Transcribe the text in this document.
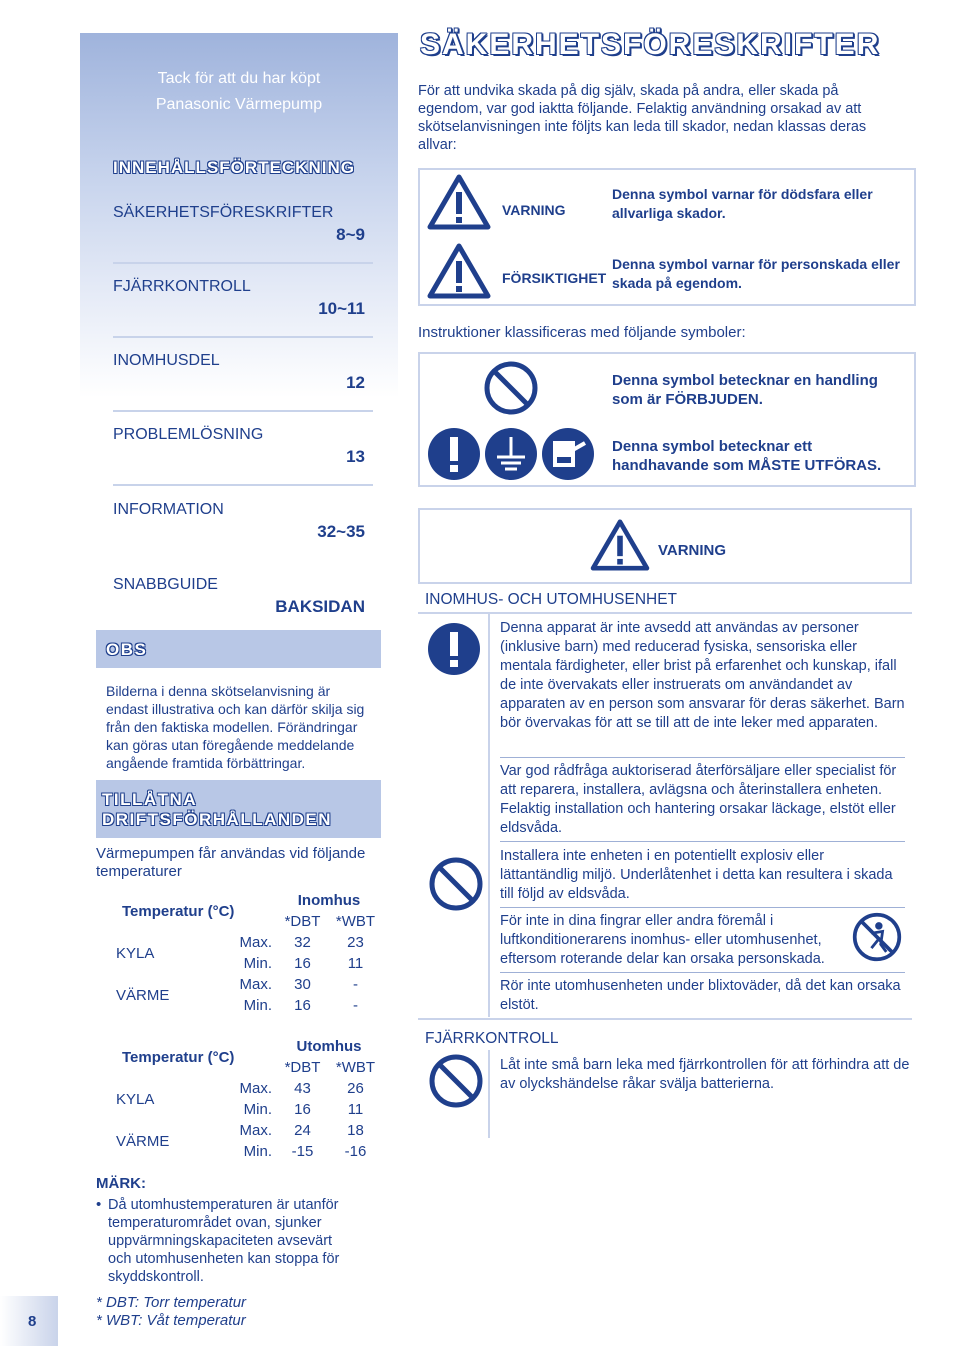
Tack för att du har köpt
Panasonic Värmepump
INNEHÅLLSFÖRTECKNING
SÄKERHETSFÖRESKRIFTER
8~9
FJÄRRKONTROLL
10~11
INOMHUSDEL
12
PROBLEMLÖSNING
13
INFORMATION
32~35
SNABBGUIDE
BAKSIDAN
OBS
Bilderna i denna skötselanvisning är endast illustrativa och kan därför skilja sig från den faktiska modellen. Förändringar kan göras utan föregående meddelande angående framtida förbättringar.
TILLÅTNA
DRIFTSFÖRHÅLLANDEN
Värmepumpen får användas vid följande temperaturer
Temperatur (°C)		Inomhus	
		*DBT	*WBT
KYLA	Max.	32	23
	Min.	16	11
VÄRME	Max.	30	-
	Min.	16	-
Temperatur (°C)		Utomhus	
		*DBT	*WBT
KYLA	Max.	43	26
	Min.	16	11
VÄRME	Max.	24	18
	Min.	-15	-16
MÄRK:
• Då utomhustemperaturen är utanför temperaturområdet ovan, sjunker uppvärmningskapaciteten avsevärt och utomhusenheten kan stoppa för skyddskontroll.
* DBT: Torr temperatur
* WBT: Våt temperatur
8
SÄKERHETSFÖRESKRIFTER
För att undvika skada på dig själv, skada på andra, eller skada på egendom, var god iaktta följande. Felaktig användning orsakad av att skötselanvisningen inte följts kan leda till skador, nedan klassas deras allvar:
VARNING
Denna symbol varnar för dödsfara eller allvarliga skador.
FÖRSIKTIGHET
Denna symbol varnar för personskada eller skada på egendom.
Instruktioner klassificeras med följande symboler:
Denna symbol betecknar en handling som är FÖRBJUDEN.
Denna symbol betecknar ett handhavande som MÅSTE UTFÖRAS.
VARNING
INOMHUS- OCH UTOMHUSENHET
Denna apparat är inte avsedd att användas av personer (inklusive barn) med reducerad fysiska, sensoriska eller mentala färdigheter, eller brist på erfarenhet och kunskap, ifall de inte övervakats eller instruerats om användandet av apparaten av en person som ansvarar för deras säkerhet. Barn bör övervakas för att se till att de inte leker med apparaten.
Var god rådfråga auktoriserad återförsäljare eller specialist för att reparera, installera, avlägsna och återinstallera enheten. Felaktig installation och hantering orsakar läckage, elstöt eller eldsvåda.
Installera inte enheten i en potentiellt explosiv eller lättantändlig miljö. Underlåtenhet i detta kan resultera i skada till följd av eldsvåda.
För inte in dina fingrar eller andra föremål i luftkonditionerarens inomhus- eller utomhusenhet, eftersom roterande delar kan orsaka personskada.
Rör inte utomhusenheten under blixtoväder, då det kan orsaka elstöt.
FJÄRRKONTROLL
Låt inte små barn leka med fjärrkontrollen för att förhindra att de av olyckshändelse råkar svälja batterierna.
